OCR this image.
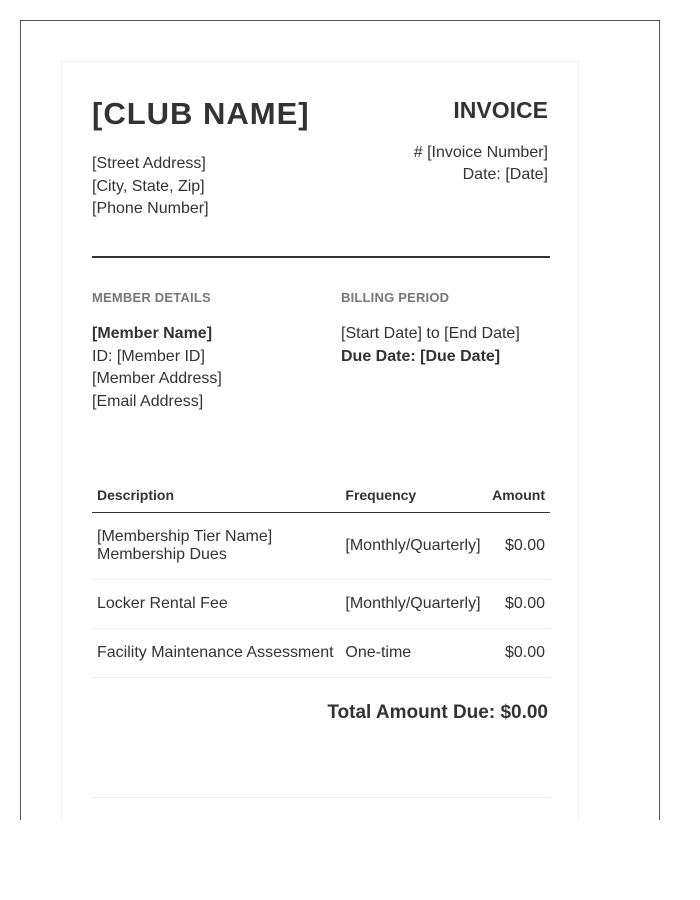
[CLUB NAME]
[Street Address]
[City, State, Zip]
[Phone Number]
INVOICE
# [Invoice Number]
Date: [Date]
MEMBER DETAILS	BILLING PERIOD
[Member Name]
ID: [Member ID]
[Member Address]
[Email Address]
[Start Date] to [End Date]
Due Date: [Due Date]
Description	Frequency	Amount

[Membership Tier Name]
Membership Dues	[Monthly/Quarterly]	$0.00
Locker Rental Fee	[Monthly/Quarterly]	$0.00
Facility Maintenance Assessment	One-time	$0.00
Total Amount Due: $0.00
